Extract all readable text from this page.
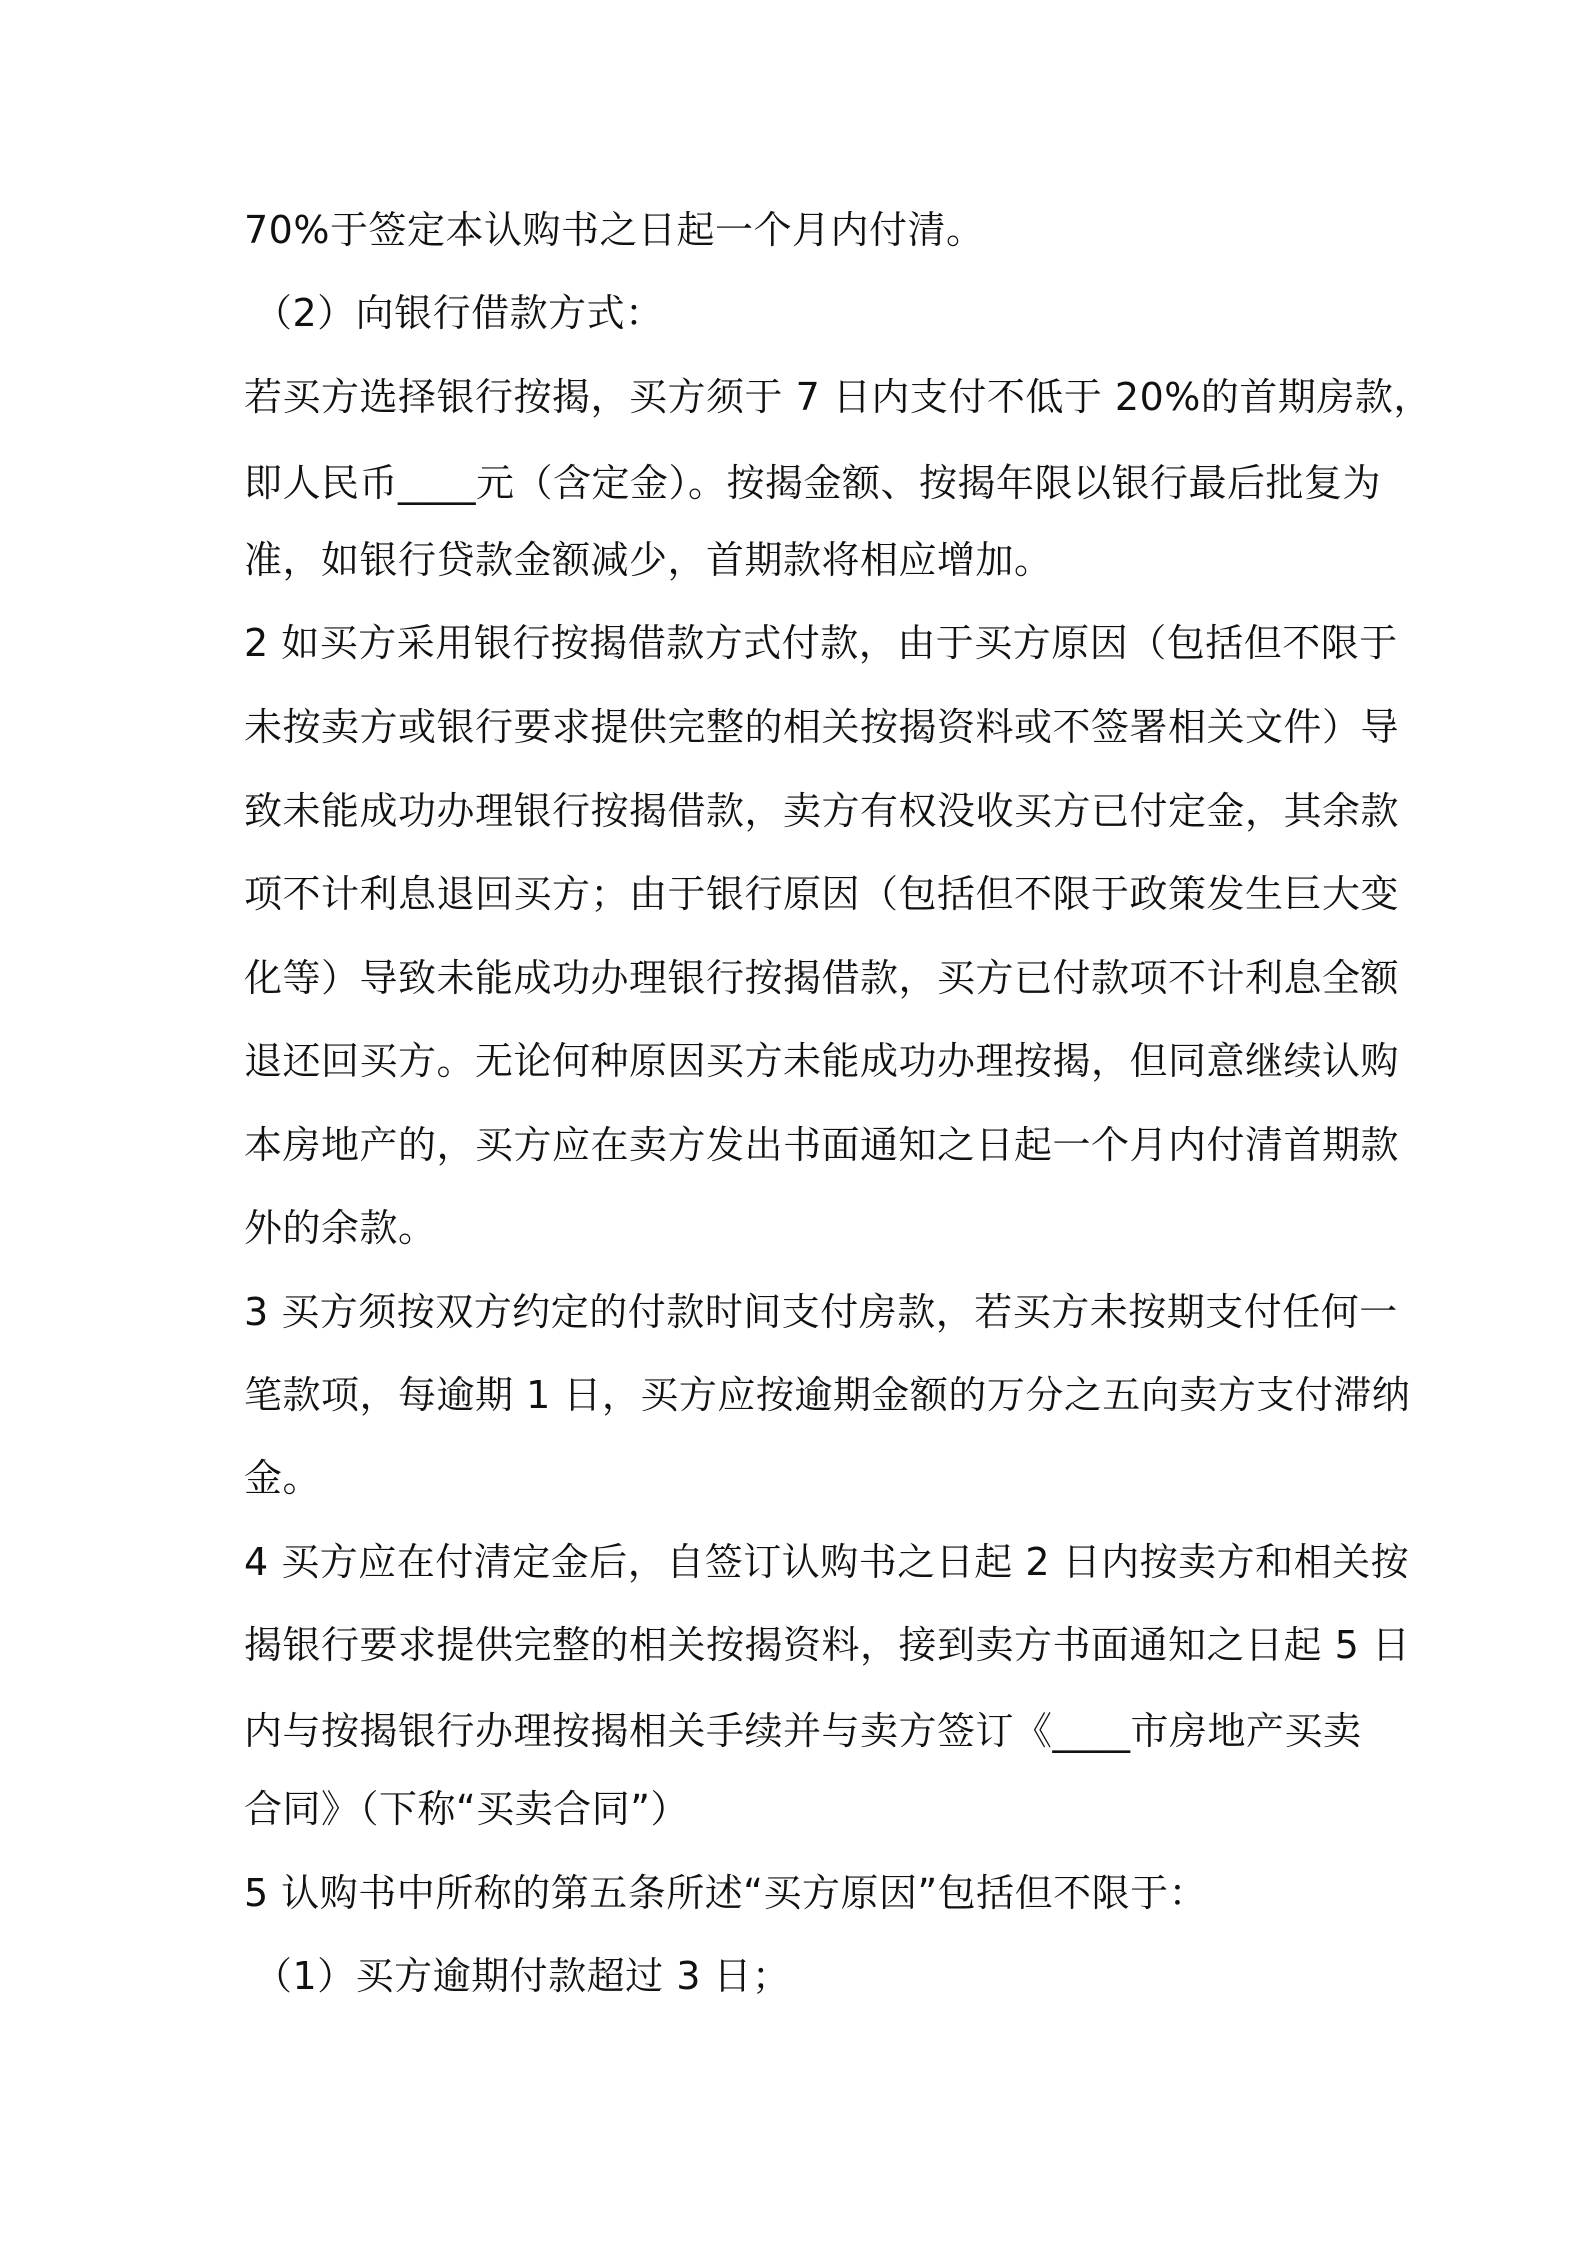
70%于签定本认购书之日起一个月内付清。
（2）向银行借款方式：
若买方选择银行按揭，买方须于 7 日内支付不低于 20%的首期房款，
即人民币____元（含定金）。按揭金额、按揭年限以银行最后批复为
准，如银行贷款金额减少，首期款将相应增加。
2 如买方采用银行按揭借款方式付款，由于买方原因（包括但不限于
未按卖方或银行要求提供完整的相关按揭资料或不签署相关文件）导
致未能成功办理银行按揭借款，卖方有权没收买方已付定金，其余款
项不计利息退回买方；由于银行原因（包括但不限于政策发生巨大变
化等）导致未能成功办理银行按揭借款，买方已付款项不计利息全额
退还回买方。无论何种原因买方未能成功办理按揭，但同意继续认购
本房地产的，买方应在卖方发出书面通知之日起一个月内付清首期款
外的余款。
3 买方须按双方约定的付款时间支付房款，若买方未按期支付任何一
笔款项，每逾期 1 日，买方应按逾期金额的万分之五向卖方支付滞纳
金。
4 买方应在付清定金后，自签订认购书之日起 2 日内按卖方和相关按
揭银行要求提供完整的相关按揭资料，接到卖方书面通知之日起 5 日
内与按揭银行办理按揭相关手续并与卖方签订《____市房地产买卖
合同》（下称“买卖合同”）
5 认购书中所称的第五条所述“买方原因”包括但不限于：
（1）买方逾期付款超过 3 日；
